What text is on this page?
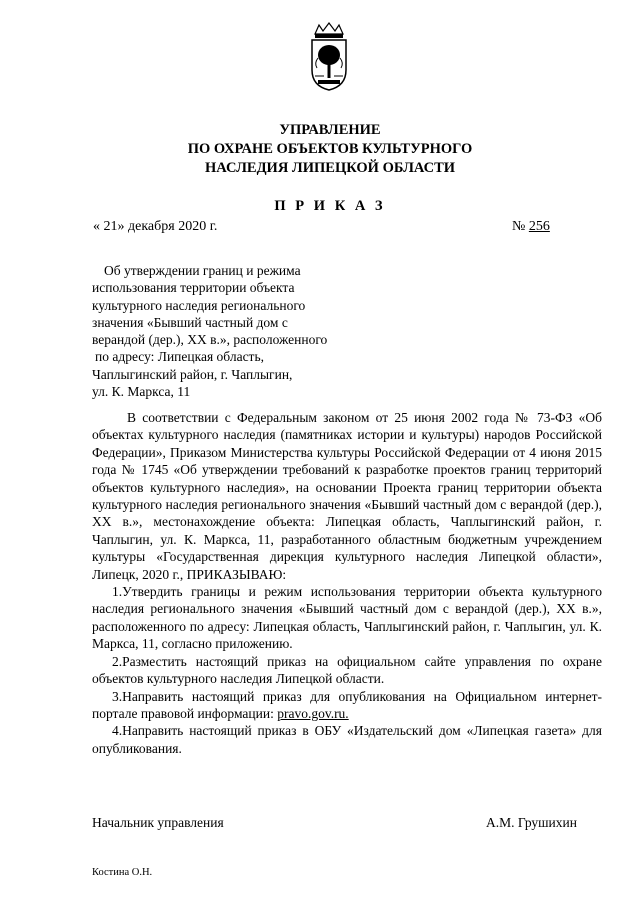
УПРАВЛЕНИЕ
ПО ОХРАНЕ ОБЪЕКТОВ КУЛЬТУРНОГО
НАСЛЕДИЯ ЛИПЕЦКОЙ ОБЛАСТИ
П Р И К А З
« 21» декабря 2020 г.	№ 256
Об утверждении границ и режима
использования территории объекта
культурного наследия регионального
значения «Бывший частный дом с
верандой (дер.), XX в.», расположенного
по адресу: Липецкая область,
Чаплыгинский район, г. Чаплыгин,
ул. К. Маркса, 11

В соответствии с Федеральным законом от 25 июня 2002 года № 73-ФЗ «Об объектах культурного наследия (памятниках истории и культуры) народов Российской Федерации», Приказом Министерства культуры Российской Федерации от 4 июня 2015 года № 1745 «Об утверждении требований к разработке проектов границ территорий объектов культурного наследия», на основании Проекта границ территории объекта культурного наследия регионального значения «Бывший частный дом с верандой (дер.), XX в.», местонахождение объекта: Липецкая область, Чаплыгинский район, г. Чаплыгин, ул. К. Маркса, 11, разработанного областным бюджетным учреждением культуры «Государственная дирекция культурного наследия Липецкой области», Липецк, 2020 г., ПРИКАЗЫВАЮ:

1.Утвердить границы и режим использования территории объекта культурного наследия регионального значения «Бывший частный дом с верандой (дер.), XX в.», расположенного по адресу: Липецкая область, Чаплыгинский район, г. Чаплыгин, ул. К. Маркса, 11, согласно приложению.

2.Разместить настоящий приказ на официальном сайте управления по охране объектов культурного наследия Липецкой области.

3.Направить настоящий приказ для опубликования на Официальном интернет-портале правовой информации: pravo.gov.ru.

4.Направить настоящий приказ в ОБУ «Издательский дом «Липецкая газета» для опубликования.

Начальник управления	А.М. Грушихин
Костина О.Н.
